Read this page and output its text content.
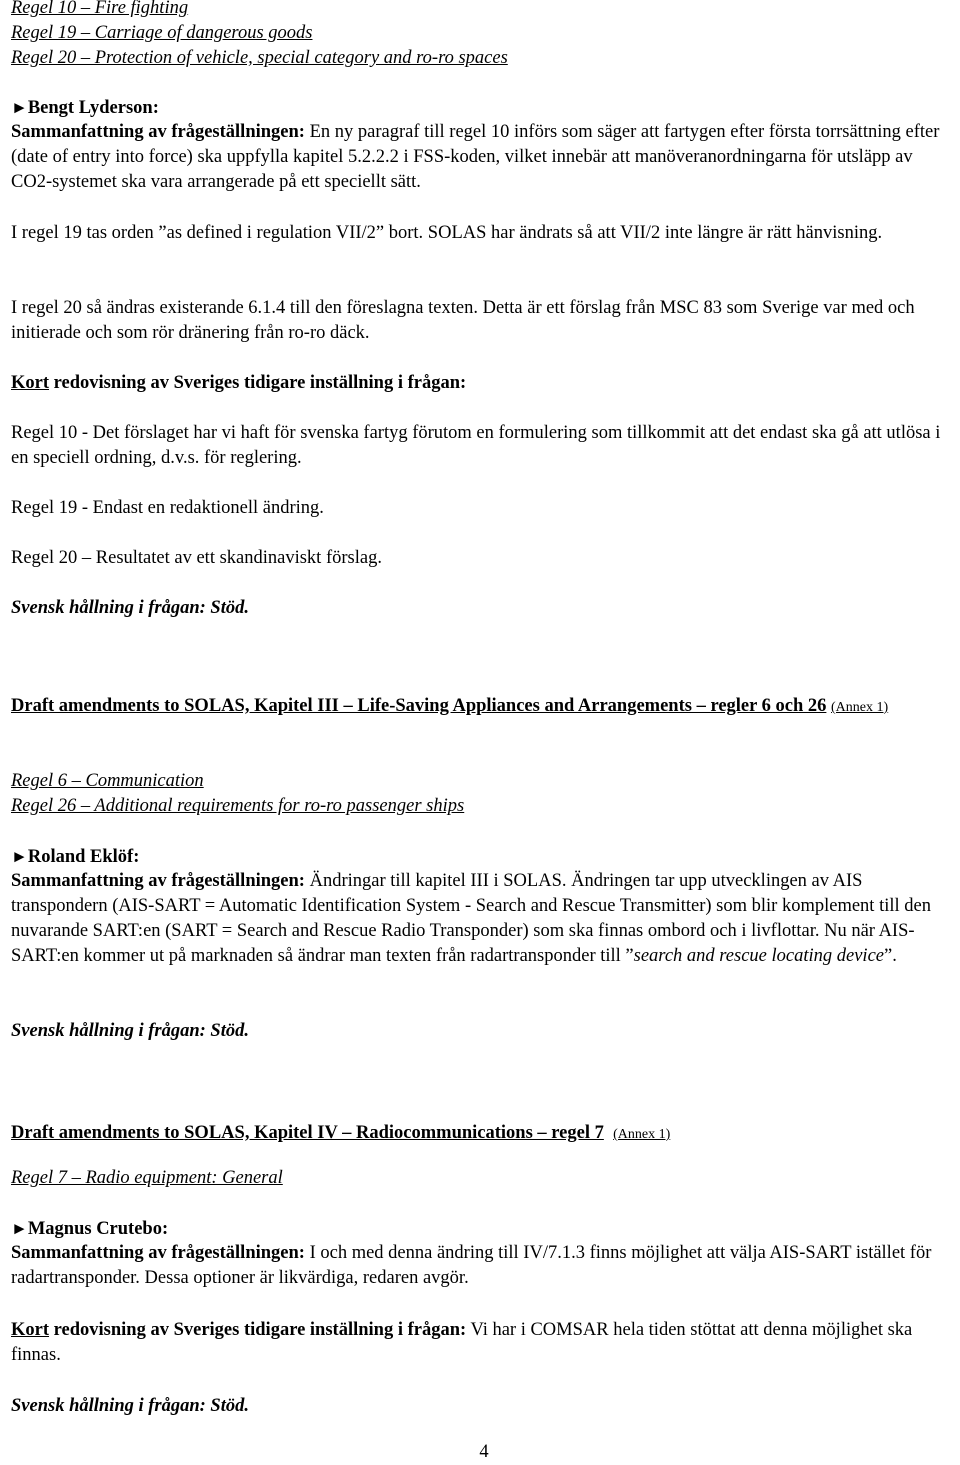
Regel 10 – Fire fighting

Regel 19 – Carriage of dangerous goods

Regel 20 – Protection of vehicle, special category and ro-ro spaces

►Bengt Lyderson:

Sammanfattning av frågeställningen: En ny paragraf till regel 10 införs som säger att fartygen efter första torrsättning efter (date of entry into force) ska uppfylla kapitel 5.2.2.2 i FSS-koden, vilket innebär att manöveranordningarna för utsläpp av CO2-systemet ska vara arrangerade på ett speciellt sätt.

I regel 19 tas orden ”as defined i regulation VII/2” bort. SOLAS har ändrats så att VII/2 inte längre är rätt hänvisning.

I regel 20 så ändras existerande 6.1.4 till den föreslagna texten. Detta är ett förslag från MSC 83 som Sverige var med och initierade och som rör dränering från ro-ro däck.

Kort redovisning av Sveriges tidigare inställning i frågan:

Regel 10 - Det förslaget har vi haft för svenska fartyg förutom en formulering som tillkommit att det endast ska gå att utlösa i en speciell ordning, d.v.s. för reglering.

Regel 19 - Endast en redaktionell ändring.

Regel 20 – Resultatet av ett skandinaviskt förslag.

Svensk hållning i frågan: Stöd.

Draft amendments to SOLAS, Kapitel III – Life-Saving Appliances and Arrangements – regler 6 och 26 (Annex 1)

Regel 6 – Communication

Regel 26 – Additional requirements for ro-ro passenger ships

►Roland Eklöf:

Sammanfattning av frågeställningen: Ändringar till kapitel III i SOLAS. Ändringen tar upp utvecklingen av AIS transpondern (AIS-SART = Automatic Identification System - Search and Rescue Transmitter) som blir komplement till den nuvarande SART:en (SART = Search and Rescue Radio Transponder) som ska finnas ombord och i livflottar. Nu när AIS-SART:en kommer ut på marknaden så ändrar man texten från radartransponder till ”search and rescue locating device”.

Svensk hållning i frågan: Stöd.

Draft amendments to SOLAS, Kapitel IV – Radiocommunications – regel 7 (Annex 1)

Regel 7 – Radio equipment: General

►Magnus Crutebo:

Sammanfattning av frågeställningen: I och med denna ändring till IV/7.1.3 finns möjlighet att välja AIS-SART istället för radartransponder. Dessa optioner är likvärdiga, redaren avgör.

Kort redovisning av Sveriges tidigare inställning i frågan: Vi har i COMSAR hela tiden stöttat att denna möjlighet ska finnas.

Svensk hållning i frågan: Stöd.

4
